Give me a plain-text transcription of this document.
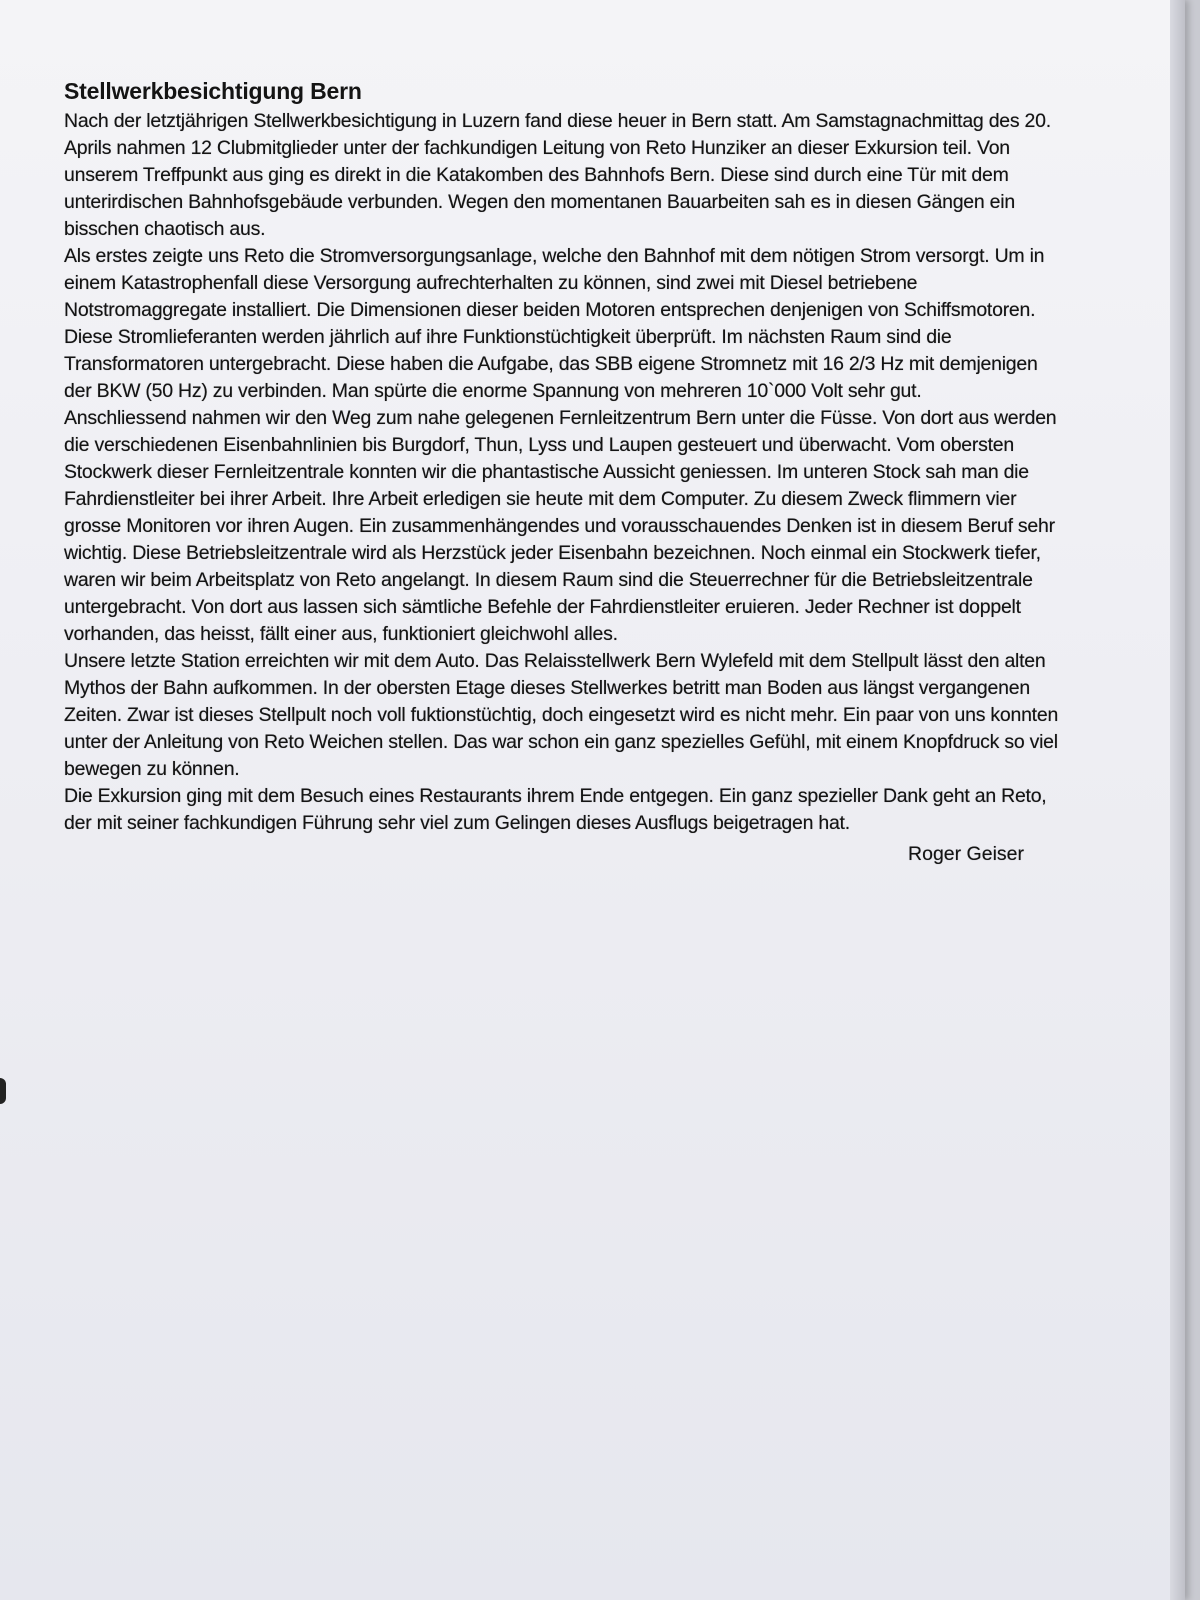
Stellwerkbesichtigung Bern

Nach der letztjährigen Stellwerkbesichtigung in Luzern fand diese heuer in Bern statt. Am Samstagnachmittag des 20. Aprils nahmen 12 Clubmitglieder unter der fachkundigen Leitung von Reto Hunziker an dieser Exkursion teil. Von unserem Treffpunkt aus ging es direkt in die Katakomben des Bahnhofs Bern. Diese sind durch eine Tür mit dem unterirdischen Bahnhofsgebäude verbunden. Wegen den momentanen Bauarbeiten sah es in diesen Gängen ein bisschen chaotisch aus.

Als erstes zeigte uns Reto die Stromversorgungsanlage, welche den Bahnhof mit dem nötigen Strom versorgt. Um in einem Katastrophenfall diese Versorgung aufrechterhalten zu können, sind zwei mit Diesel betriebene Notstromaggregate installiert. Die Dimensionen dieser beiden Motoren entsprechen denjenigen von Schiffsmotoren. Diese Stromlieferanten werden jährlich auf ihre Funktionstüchtigkeit überprüft. Im nächsten Raum sind die Transformatoren untergebracht. Diese haben die Aufgabe, das SBB eigene Stromnetz mit 16 2/3 Hz mit demjenigen der BKW (50 Hz) zu verbinden. Man spürte die enorme Spannung von mehreren 10`000 Volt sehr gut.

Anschliessend nahmen wir den Weg zum nahe gelegenen Fernleitzentrum Bern unter die Füsse. Von dort aus werden die verschiedenen Eisenbahnlinien bis Burgdorf, Thun, Lyss und Laupen gesteuert und überwacht. Vom obersten Stockwerk dieser Fernleitzentrale konnten wir die phantastische Aussicht geniessen. Im unteren Stock sah man die Fahrdienstleiter bei ihrer Arbeit. Ihre Arbeit erledigen sie heute mit dem Computer. Zu diesem Zweck flimmern vier grosse Monitoren vor ihren Augen. Ein zusammenhängendes und vorausschauendes Denken ist in diesem Beruf sehr wichtig. Diese Betriebsleitzentrale wird als Herzstück jeder Eisenbahn bezeichnen. Noch einmal ein Stockwerk tiefer, waren wir beim Arbeitsplatz von Reto angelangt. In diesem Raum sind die Steuerrechner für die Betriebsleitzentrale untergebracht. Von dort aus lassen sich sämtliche Befehle der Fahrdienstleiter eruieren. Jeder Rechner ist doppelt vorhanden, das heisst, fällt einer aus, funktioniert gleichwohl alles.

Unsere letzte Station erreichten wir mit dem Auto. Das Relaisstellwerk Bern Wylefeld mit dem Stellpult lässt den alten Mythos der Bahn aufkommen. In der obersten Etage dieses Stellwerkes betritt man Boden aus längst vergangenen Zeiten. Zwar ist dieses Stellpult noch voll fuktionstüchtig, doch eingesetzt wird es nicht mehr. Ein paar von uns konnten unter der Anleitung von Reto Weichen stellen. Das war schon ein ganz spezielles Gefühl, mit einem Knopfdruck so viel bewegen zu können.

Die Exkursion ging mit dem Besuch eines Restaurants ihrem Ende entgegen. Ein ganz spezieller Dank geht an Reto, der mit seiner fachkundigen Führung sehr viel zum Gelingen dieses Ausflugs beigetragen hat.

Roger Geiser
